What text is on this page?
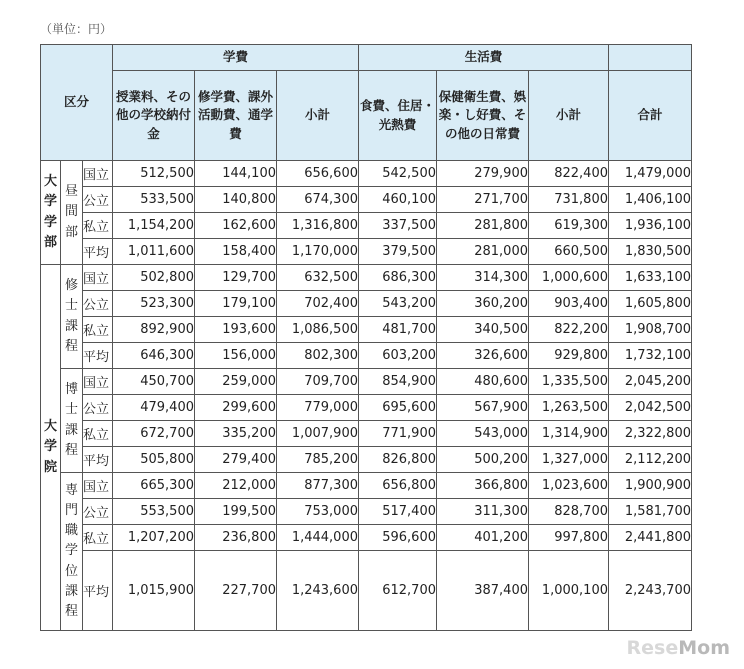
（単位：円）
区分			学費			生活費			
			授業料、その他の学校納付金	修学費、課外活動費、通学費	小計	食費、住居・光熱費	保健衛生費、娯楽・し好費、その他の日常費	小計	合計
大学学部	昼間部	国立	512,500	144,100	656,600	542,500	279,900	822,400	1,479,000
		公立	533,500	140,800	674,300	460,100	271,700	731,800	1,406,100
		私立	1,154,200	162,600	1,316,800	337,500	281,800	619,300	1,936,100
		平均	1,011,600	158,400	1,170,000	379,500	281,000	660,500	1,830,500
大学院	修士課程	国立	502,800	129,700	632,500	686,300	314,300	1,000,600	1,633,100
		公立	523,300	179,100	702,400	543,200	360,200	903,400	1,605,800
		私立	892,900	193,600	1,086,500	481,700	340,500	822,200	1,908,700
		平均	646,300	156,000	802,300	603,200	326,600	929,800	1,732,100
	博士課程	国立	450,700	259,000	709,700	854,900	480,600	1,335,500	2,045,200
		公立	479,400	299,600	779,000	695,600	567,900	1,263,500	2,042,500
		私立	672,700	335,200	1,007,900	771,900	543,000	1,314,900	2,322,800
		平均	505,800	279,400	785,200	826,800	500,200	1,327,000	2,112,200
	専門職学位課程	国立	665,300	212,000	877,300	656,800	366,800	1,023,600	1,900,900
		公立	553,500	199,500	753,000	517,400	311,300	828,700	1,581,700
		私立	1,207,200	236,800	1,444,000	596,600	401,200	997,800	2,441,800
		平均	1,015,900	227,700	1,243,600	612,700	387,400	1,000,100	2,243,700
ReseMom
